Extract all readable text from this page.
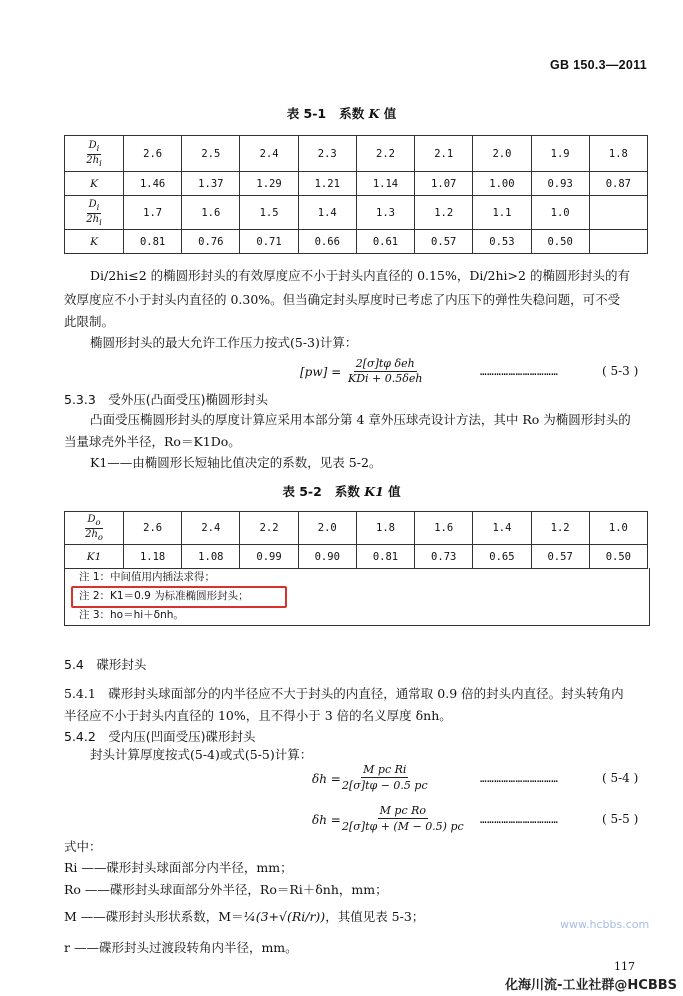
GB 150.3—2011
表 5-1 系数 K 值
$\frac{D_i}{2h_i}$	2.6	2.5	2.4	2.3	2.2	2.1	2.0	1.9	1.8
K	1.46	1.37	1.29	1.21	1.14	1.07	1.00	0.93	0.87

$\frac{D_i}{2h_i}$	1.7	1.6	1.5	1.4	1.3	1.2	1.1	1.0	
K	0.81	0.76	0.71	0.66	0.61	0.57	0.53	0.50	
Di/2hi≤2 的椭圆形封头的有效厚度应不小于封头内直径的 0.15%，Di/2hi>2 的椭圆形封头的有
效厚度应不小于封头内直径的 0.30%。但当确定封头厚度时已考虑了内压下的弹性失稳问题，可不受
此限制。
椭圆形封头的最大允许工作压力按式(5-3)计算：
[pw] =
2[σ]tφ δeh
KDi + 0.5δeh
……………………………	( 5-3 )
5.3.3　受外压(凸面受压)椭圆形封头
凸面受压椭圆形封头的厚度计算应采用本部分第 4 章外压球壳设计方法，其中 Ro 为椭圆形封头的
当量球壳外半径，Ro＝K1Do。
K1——由椭圆形长短轴比值决定的系数，见表 5-2。
表 5-2 系数 K1 值
$\frac{D_o}{2h_o}$	2.6	2.4	2.2	2.0	1.8	1.6	1.4	1.2	1.0
K1	1.18	1.08	0.99	0.90	0.81	0.73	0.65	0.57	0.50
注 1：中间值用内插法求得；
注 2：K1＝0.9 为标准椭圆形封头；
注 3：ho＝hi＋δnh。
5.4　碟形封头
5.4.1　碟形封头球面部分的内半径应不大于封头的内直径，通常取 0.9 倍的封头内直径。封头转角内
半径应不小于封头内直径的 10%，且不得小于 3 倍的名义厚度 δnh。
5.4.2　受内压(凹面受压)碟形封头
封头计算厚度按式(5-4)或式(5-5)计算：
$\delta h = \frac{\text{M pc Ri}}{2[\sigma]t\varphi - 0.5 pc}$	……………………………	( 5-4 )
$\delta h = \frac{\text{M pc Ro}}{2[\sigma]t\varphi + (M - 0.5) pc}$ ……………………………	( 5-5 )
式中：
Ri ——碟形封头球面部分内半径，mm；
Ro ——碟形封头球面部分外半径，Ro＝Ri＋δnh，mm；
M ——碟形封头形状系数，M＝¼(3+√(Ri/r))，其值见表 5-3；
r ——碟形封头过渡段转角内半径，mm。
117
化海川流-工业社群@HCBBS
www.hcbbs.com
